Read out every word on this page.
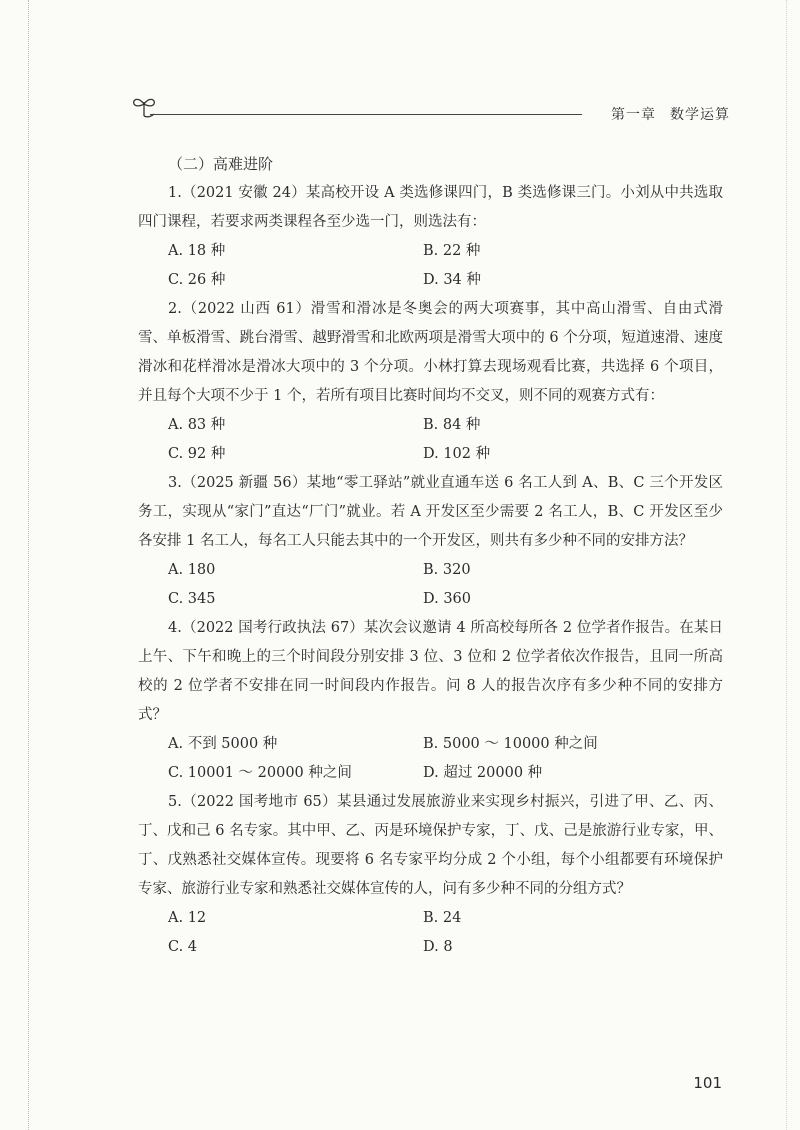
第一章 数学运算

（二）高难进阶

1.（2021 安徽 24）某高校开设 A 类选修课四门，B 类选修课三门。小刘从中共选取四门课程，若要求两类课程各至少选一门，则选法有：

A. 18 种	B. 22 种
C. 26 种	D. 34 种

2.（2022 山西 61）滑雪和滑冰是冬奥会的两大项赛事，其中高山滑雪、自由式滑雪、单板滑雪、跳台滑雪、越野滑雪和北欧两项是滑雪大项中的 6 个分项，短道速滑、速度滑冰和花样滑冰是滑冰大项中的 3 个分项。小林打算去现场观看比赛，共选择 6 个项目，并且每个大项不少于 1 个，若所有项目比赛时间均不交叉，则不同的观赛方式有：

A. 83 种	B. 84 种
C. 92 种	D. 102 种

3.（2025 新疆 56）某地“零工驿站”就业直通车送 6 名工人到 A、B、C 三个开发区务工，实现从“家门”直达“厂门”就业。若 A 开发区至少需要 2 名工人，B、C 开发区至少各安排 1 名工人，每名工人只能去其中的一个开发区，则共有多少种不同的安排方法？

A. 180	B. 320
C. 345	D. 360

4.（2022 国考行政执法 67）某次会议邀请 4 所高校每所各 2 位学者作报告。在某日上午、下午和晚上的三个时间段分别安排 3 位、3 位和 2 位学者依次作报告，且同一所高校的 2 位学者不安排在同一时间段内作报告。问 8 人的报告次序有多少种不同的安排方式？

A. 不到 5000 种	B. 5000 ～ 10000 种之间
C. 10001 ～ 20000 种之间	D. 超过 20000 种

5.（2022 国考地市 65）某县通过发展旅游业来实现乡村振兴，引进了甲、乙、丙、丁、戊和己 6 名专家。其中甲、乙、丙是环境保护专家，丁、戊、己是旅游行业专家，甲、丁、戊熟悉社交媒体宣传。现要将 6 名专家平均分成 2 个小组，每个小组都要有环境保护专家、旅游行业专家和熟悉社交媒体宣传的人，问有多少种不同的分组方式？

A. 12	B. 24
C. 4	D. 8
101
